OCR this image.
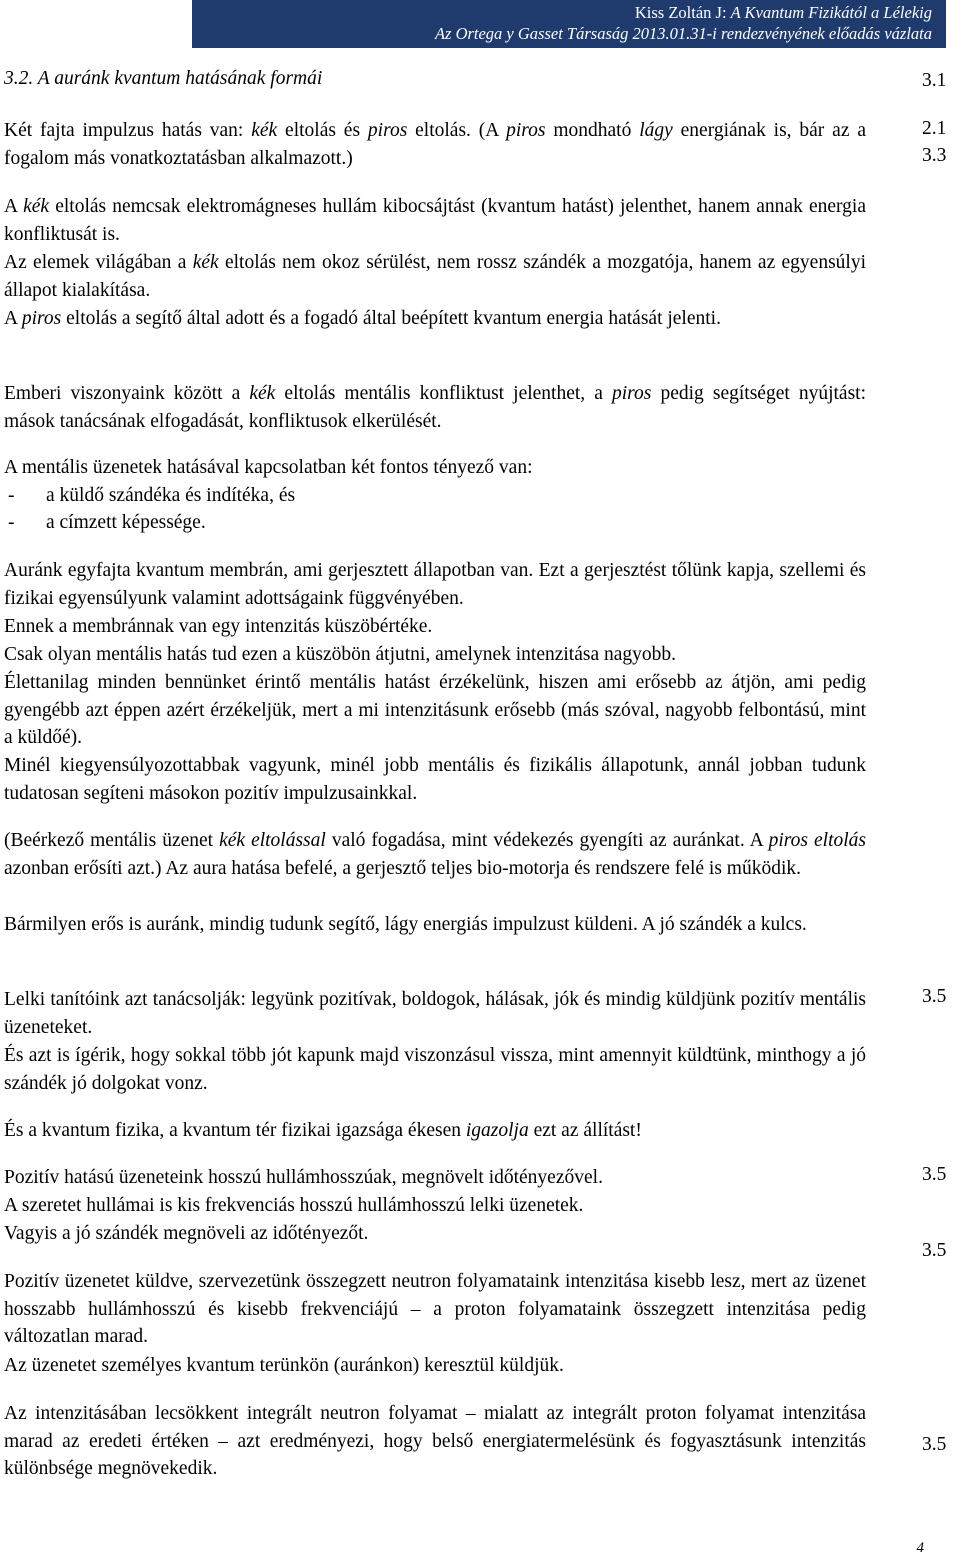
Kiss Zoltán J: A Kvantum Fizikától a Lélekig
Az Ortega y Gasset Társaság 2013.01.31-i rendezvényének előadás vázlata
3.2. A auránk kvantum hatásának formái	3.1
2.1
3.3
3.5
3.5
3.5
3.5

Két fajta impulzus hatás van: kék eltolás és piros eltolás. (A piros mondható lágy energiának is, bár az a fogalom más vonatkoztatásban alkalmazott.)

A kék eltolás nemcsak elektromágneses hullám kibocsájtást (kvantum hatást) jelenthet, hanem annak energia konfliktusát is.

Az elemek világában a kék eltolás nem okoz sérülést, nem rossz szándék a mozgatója, hanem az egyensúlyi állapot kialakítása.

A piros eltolás a segítő által adott és a fogadó által beépített kvantum energia hatását jelenti.

Emberi viszonyaink között a kék eltolás mentális konfliktust jelenthet, a piros pedig segítséget nyújtást: mások tanácsának elfogadását, konfliktusok elkerülését.

A mentális üzenetek hatásával kapcsolatban két fontos tényező van:

-	a küldő szándéka és indítéka, és
-	a címzett képessége.

Auránk egyfajta kvantum membrán, ami gerjesztett állapotban van. Ezt a gerjesztést tőlünk kapja, szellemi és fizikai egyensúlyunk valamint adottságaink függvényében.

Ennek a membránnak van egy intenzitás küszöbértéke.

Csak olyan mentális hatás tud ezen a küszöbön átjutni, amelynek intenzitása nagyobb.

Élettanilag minden bennünket érintő mentális hatást érzékelünk, hiszen ami erősebb az átjön, ami pedig gyengébb azt éppen azért érzékeljük, mert a mi intenzitásunk erősebb (más szóval, nagyobb felbontású, mint a küldőé).

Minél kiegyensúlyozottabbak vagyunk, minél jobb mentális és fizikális állapotunk, annál jobban tudunk tudatosan segíteni másokon pozitív impulzusainkkal.

(Beérkező mentális üzenet kék eltolással való fogadása, mint védekezés gyengíti az auránkat. A piros eltolás azonban erősíti azt.) Az aura hatása befelé, a gerjesztő teljes bio-motorja és rendszere felé is működik.

Bármilyen erős is auránk, mindig tudunk segítő, lágy energiás impulzust küldeni. A jó szándék a kulcs.

Lelki tanítóink azt tanácsolják: legyünk pozitívak, boldogok, hálásak, jók és mindig küldjünk pozitív mentális üzeneteket.

És azt is ígérik, hogy sokkal több jót kapunk majd viszonzásul vissza, mint amennyit küldtünk, minthogy a jó szándék jó dolgokat vonz.

És a kvantum fizika, a kvantum tér fizikai igazsága ékesen igazolja ezt az állítást!

Pozitív hatású üzeneteink hosszú hullámhosszúak, megnövelt időtényezővel.

A szeretet hullámai is kis frekvenciás hosszú hullámhosszú lelki üzenetek.

Vagyis a jó szándék megnöveli az időtényezőt.

Pozitív üzenetet küldve, szervezetünk összegzett neutron folyamataink intenzitása kisebb lesz, mert az üzenet hosszabb hullámhosszú és kisebb frekvenciájú – a proton folyamataink összegzett intenzitása pedig változatlan marad.

Az üzenetet személyes kvantum terünkön (auránkon) keresztül küldjük.

Az intenzitásában lecsökkent integrált neutron folyamat – mialatt az integrált proton folyamat intenzitása marad az eredeti értéken – azt eredményezi, hogy belső energiatermelésünk és fogyasztásunk intenzitás különbsége megnövekedik.

4
